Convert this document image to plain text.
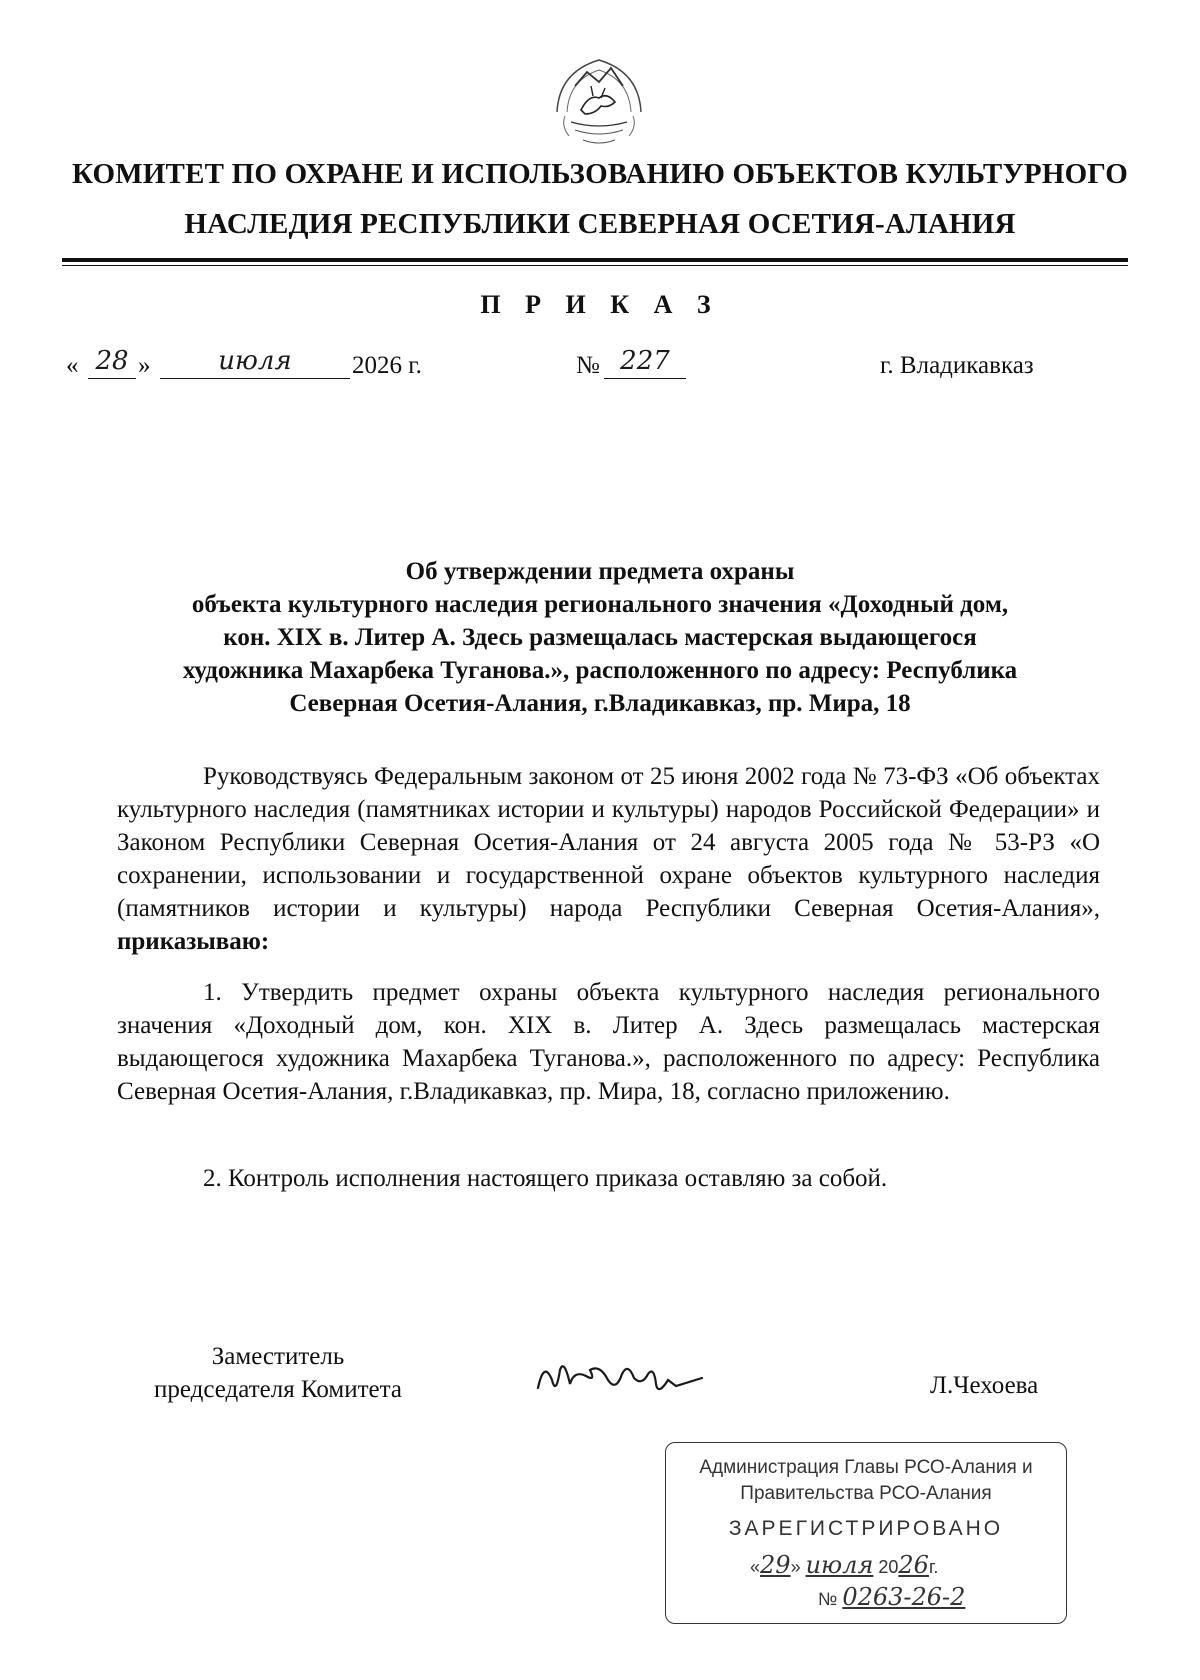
КОМИТЕТ ПО ОХРАНЕ И ИСПОЛЬЗОВАНИЮ ОБЪЕКТОВ КУЛЬТУРНОГО
НАСЛЕДИЯ РЕСПУБЛИКИ СЕВЕРНАЯ ОСЕТИЯ-АЛАНИЯ
П Р И К А З
« 28 »	июля	2026 г.	№ 227	г. Владикавказ
Об утверждении предмета охраны
объекта культурного наследия регионального значения «Доходный дом,
кон. XIX в. Литер А. Здесь размещалась мастерская выдающегося
художника Махарбека Туганова.», расположенного по адресу: Республика
Северная Осетия-Алания, г.Владикавказ, пр. Мира, 18
Руководствуясь Федеральным законом от 25 июня 2002 года № 73-ФЗ «Об объектах культурного наследия (памятниках истории и культуры) народов Российской Федерации» и Законом Республики Северная Осетия-Алания от 24 августа 2005 года № 53-РЗ «О сохранении, использовании и государственной охране объектов культурного наследия (памятников истории и культуры) народа Республики Северная Осетия-Алания», приказываю:
1. Утвердить предмет охраны объекта культурного наследия регионального значения «Доходный дом, кон. XIX в. Литер А. Здесь размещалась мастерская выдающегося художника Махарбека Туганова.», расположенного по адресу: Республика Северная Осетия-Алания, г.Владикавказ, пр. Мира, 18, согласно приложению.
2. Контроль исполнения настоящего приказа оставляю за собой.
Заместитель
председателя Комитета	Л.Чехоева
Администрация Главы РСО-Алания и
Правительства РСО-Алания
ЗАРЕГИСТРИРОВАНО
«29» июля 2026г.
№ 0263-26-2
